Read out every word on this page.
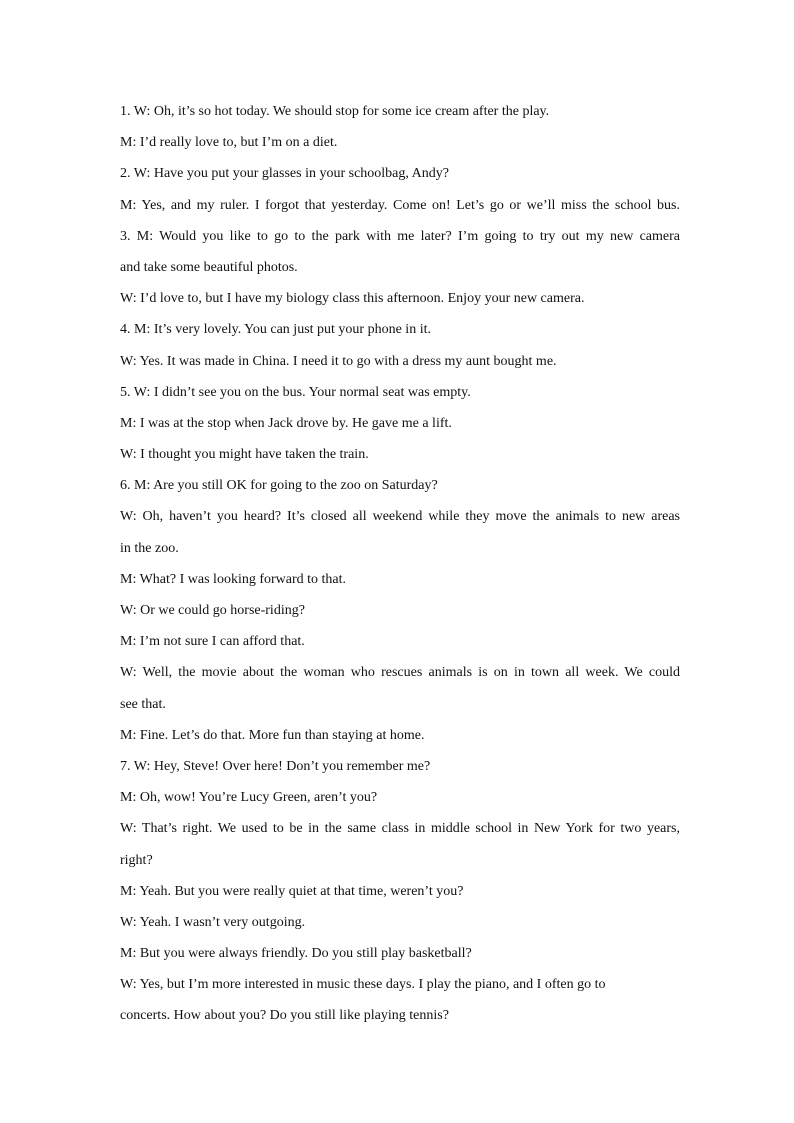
1. W: Oh, it’s so hot today. We should stop for some ice cream after the play.
M: I’d really love to, but I’m on a diet.
2. W: Have you put your glasses in your schoolbag, Andy?
M: Yes, and my ruler. I forgot that yesterday. Come on! Let’s go or we’ll miss the school bus.
3. M: Would you like to go to the park with me later? I’m going to try out my new camera
and take some beautiful photos.
W: I’d love to, but I have my biology class this afternoon. Enjoy your new camera.
4. M: It’s very lovely. You can just put your phone in it.
W: Yes. It was made in China. I need it to go with a dress my aunt bought me.
5. W: I didn’t see you on the bus. Your normal seat was empty.
M: I was at the stop when Jack drove by. He gave me a lift.
W: I thought you might have taken the train.
6. M: Are you still OK for going to the zoo on Saturday?
W: Oh, haven’t you heard? It’s closed all weekend while they move the animals to new areas
in the zoo.
M: What? I was looking forward to that.
W: Or we could go horse-riding?
M: I’m not sure I can afford that.
W: Well, the movie about the woman who rescues animals is on in town all week. We could
see that.
M: Fine. Let’s do that. More fun than staying at home.
7. W: Hey, Steve! Over here! Don’t you remember me?
M: Oh, wow! You’re Lucy Green, aren’t you?
W: That’s right. We used to be in the same class in middle school in New York for two years,
right?
M: Yeah. But you were really quiet at that time, weren’t you?
W: Yeah. I wasn’t very outgoing.
M: But you were always friendly. Do you still play basketball?
W: Yes, but I’m more interested in music these days. I play the piano, and I often go to
concerts. How about you? Do you still like playing tennis?
